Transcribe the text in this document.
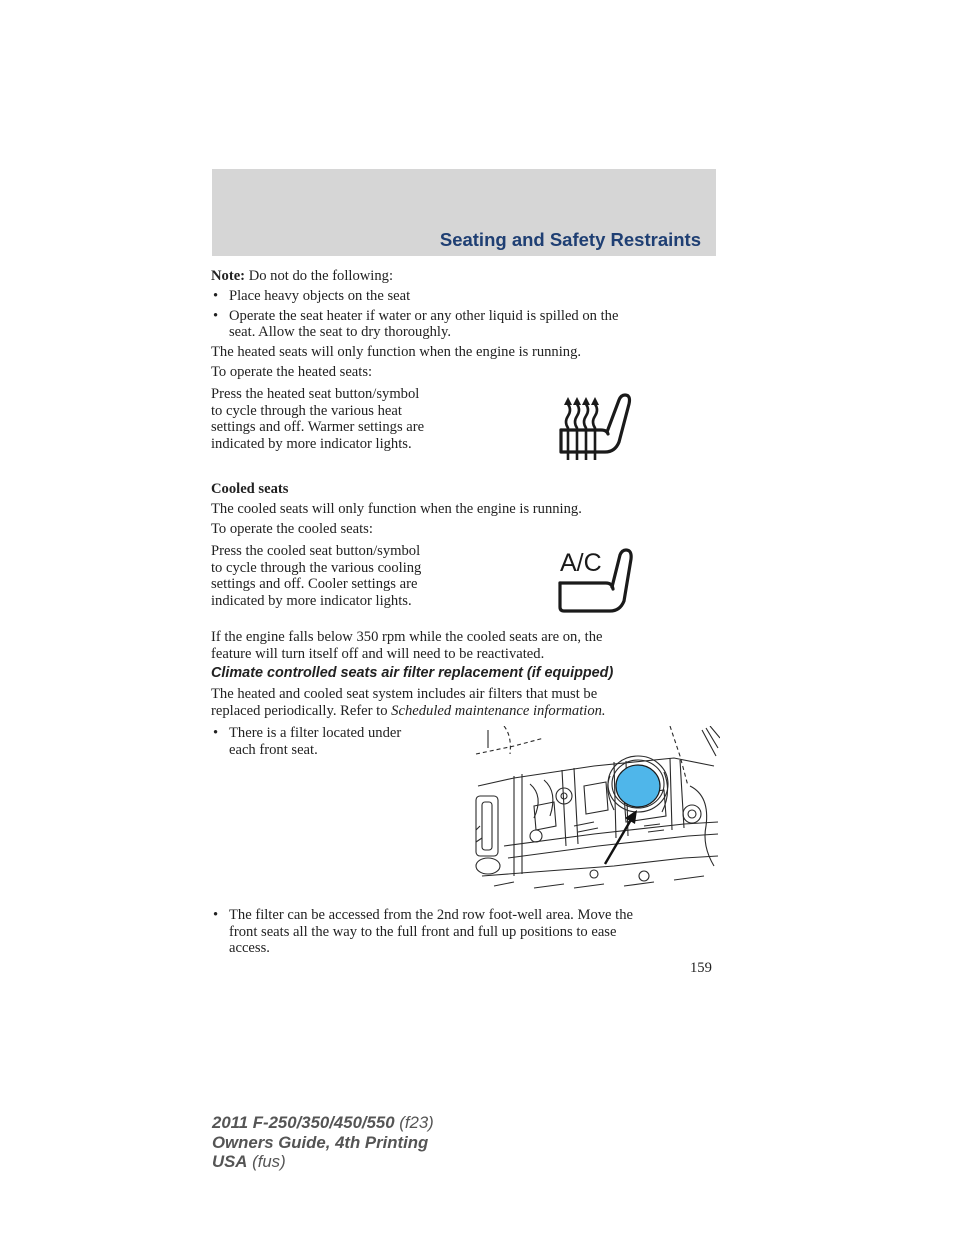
Seating and Safety Restraints
Note: Do not do the following:
• Place heavy objects on the seat
• Operate the seat heater if water or any other liquid is spilled on the
seat. Allow the seat to dry thoroughly.
The heated seats will only function when the engine is running.
To operate the heated seats:
Press the heated seat button/symbol
to cycle through the various heat
settings and off. Warmer settings are
indicated by more indicator lights.
Cooled seats
The cooled seats will only function when the engine is running.
To operate the cooled seats:
Press the cooled seat button/symbol
to cycle through the various cooling
settings and off. Cooler settings are
indicated by more indicator lights.
A/C
If the engine falls below 350 rpm while the cooled seats are on, the
feature will turn itself off and will need to be reactivated.
Climate controlled seats air filter replacement (if equipped)
The heated and cooled seat system includes air filters that must be
replaced periodically. Refer to Scheduled maintenance information.
• There is a filter located under
each front seat.
• The filter can be accessed from the 2nd row foot-well area. Move the
front seats all the way to the full front and full up positions to ease
access.
159
2011 F-250/350/450/550 (f23)
Owners Guide, 4th Printing
USA (fus)
